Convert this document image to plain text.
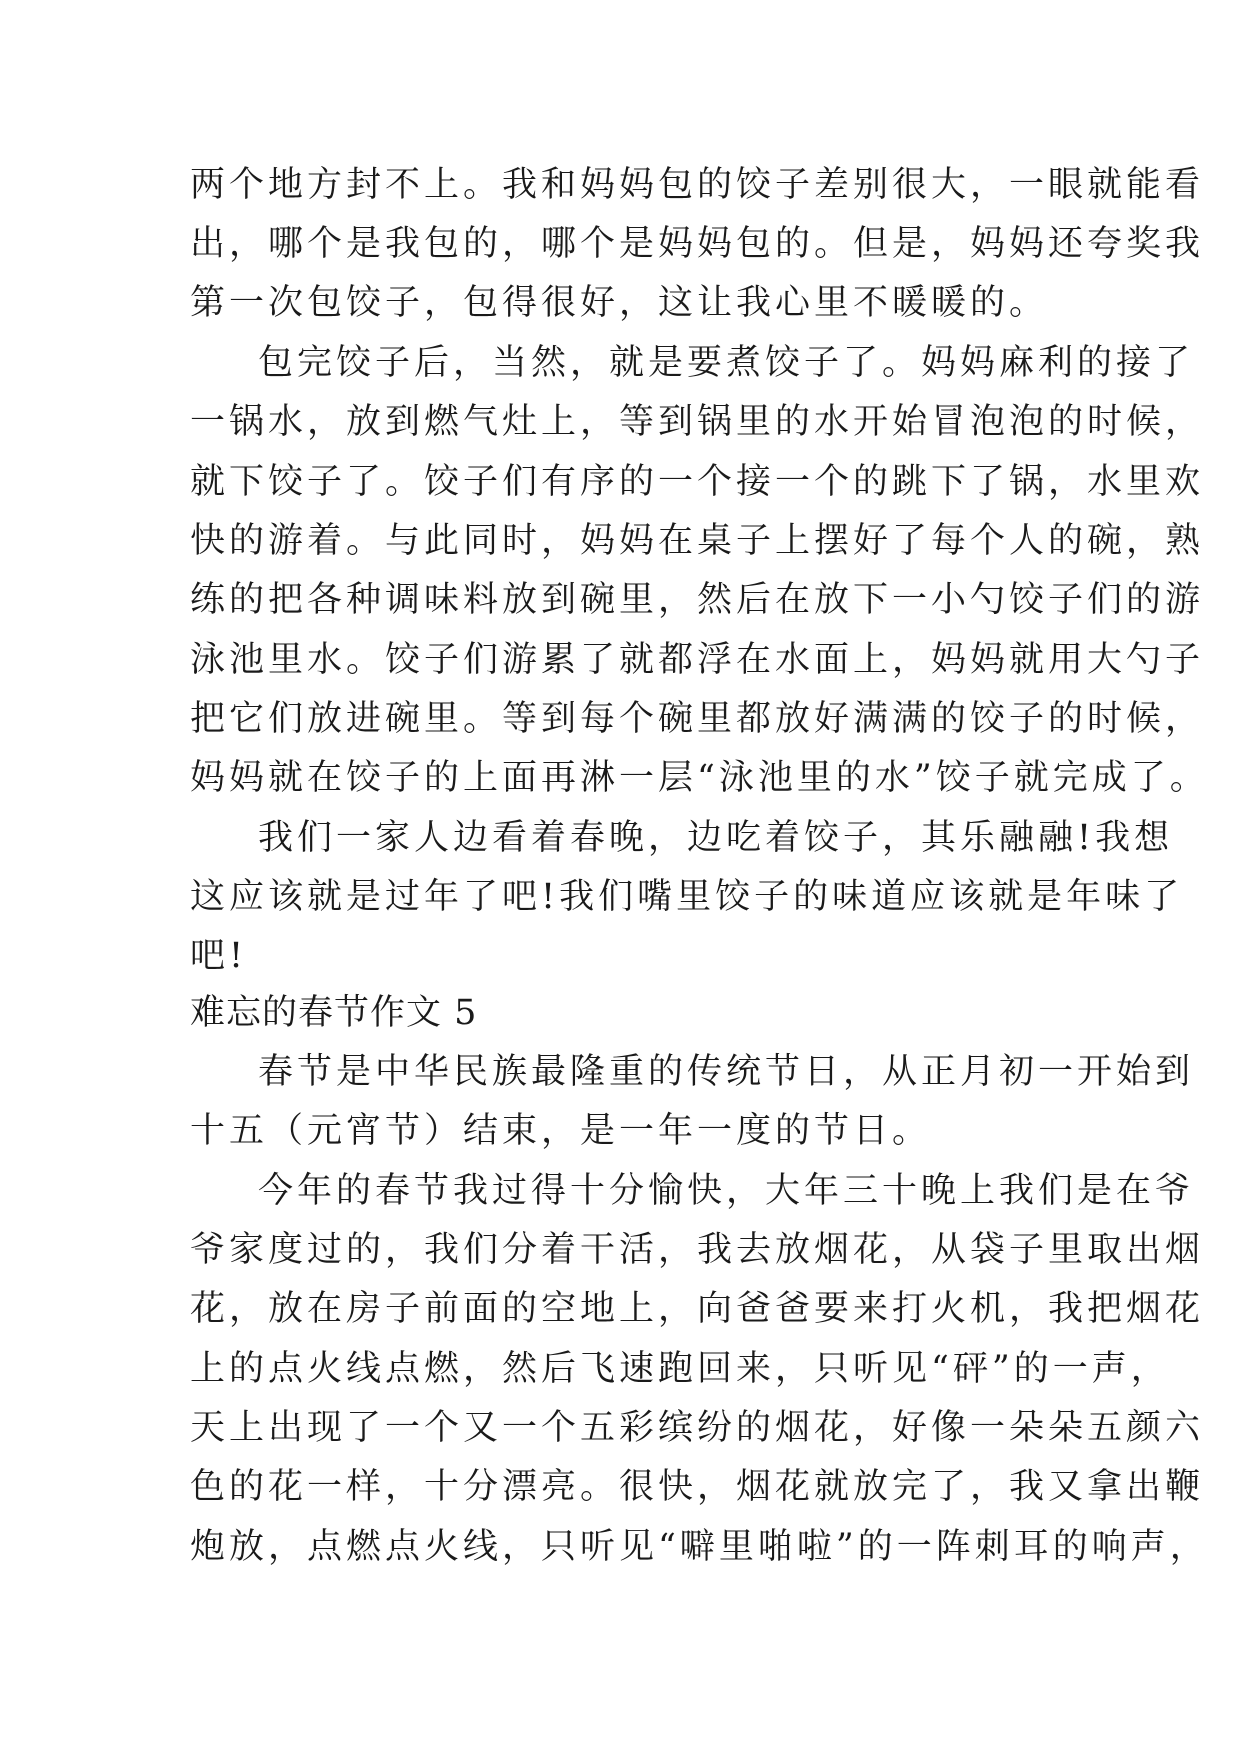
两个地方封不上。我和妈妈包的饺子差别很大，一眼就能看

出，哪个是我包的，哪个是妈妈包的。但是，妈妈还夸奖我

第一次包饺子，包得很好，这让我心里不暖暖的。

包完饺子后，当然，就是要煮饺子了。妈妈麻利的接了

一锅水，放到燃气灶上，等到锅里的水开始冒泡泡的时候，

就下饺子了。饺子们有序的一个接一个的跳下了锅，水里欢

快的游着。与此同时，妈妈在桌子上摆好了每个人的碗，熟

练的把各种调味料放到碗里，然后在放下一小勺饺子们的游

泳池里水。饺子们游累了就都浮在水面上，妈妈就用大勺子

把它们放进碗里。等到每个碗里都放好满满的饺子的时候，

妈妈就在饺子的上面再淋一层“泳池里的水”饺子就完成了。

我们一家人边看着春晚，边吃着饺子，其乐融融!我想

这应该就是过年了吧!我们嘴里饺子的味道应该就是年味了

吧!

难忘的春节作文 5

春节是中华民族最隆重的传统节日，从正月初一开始到

十五（元宵节）结束，是一年一度的节日。

今年的春节我过得十分愉快，大年三十晚上我们是在爷

爷家度过的，我们分着干活，我去放烟花，从袋子里取出烟

花，放在房子前面的空地上，向爸爸要来打火机，我把烟花

上的点火线点燃，然后飞速跑回来，只听见“砰”的一声，

天上出现了一个又一个五彩缤纷的烟花，好像一朵朵五颜六

色的花一样，十分漂亮。很快，烟花就放完了，我又拿出鞭

炮放，点燃点火线，只听见“噼里啪啦”的一阵刺耳的响声，
